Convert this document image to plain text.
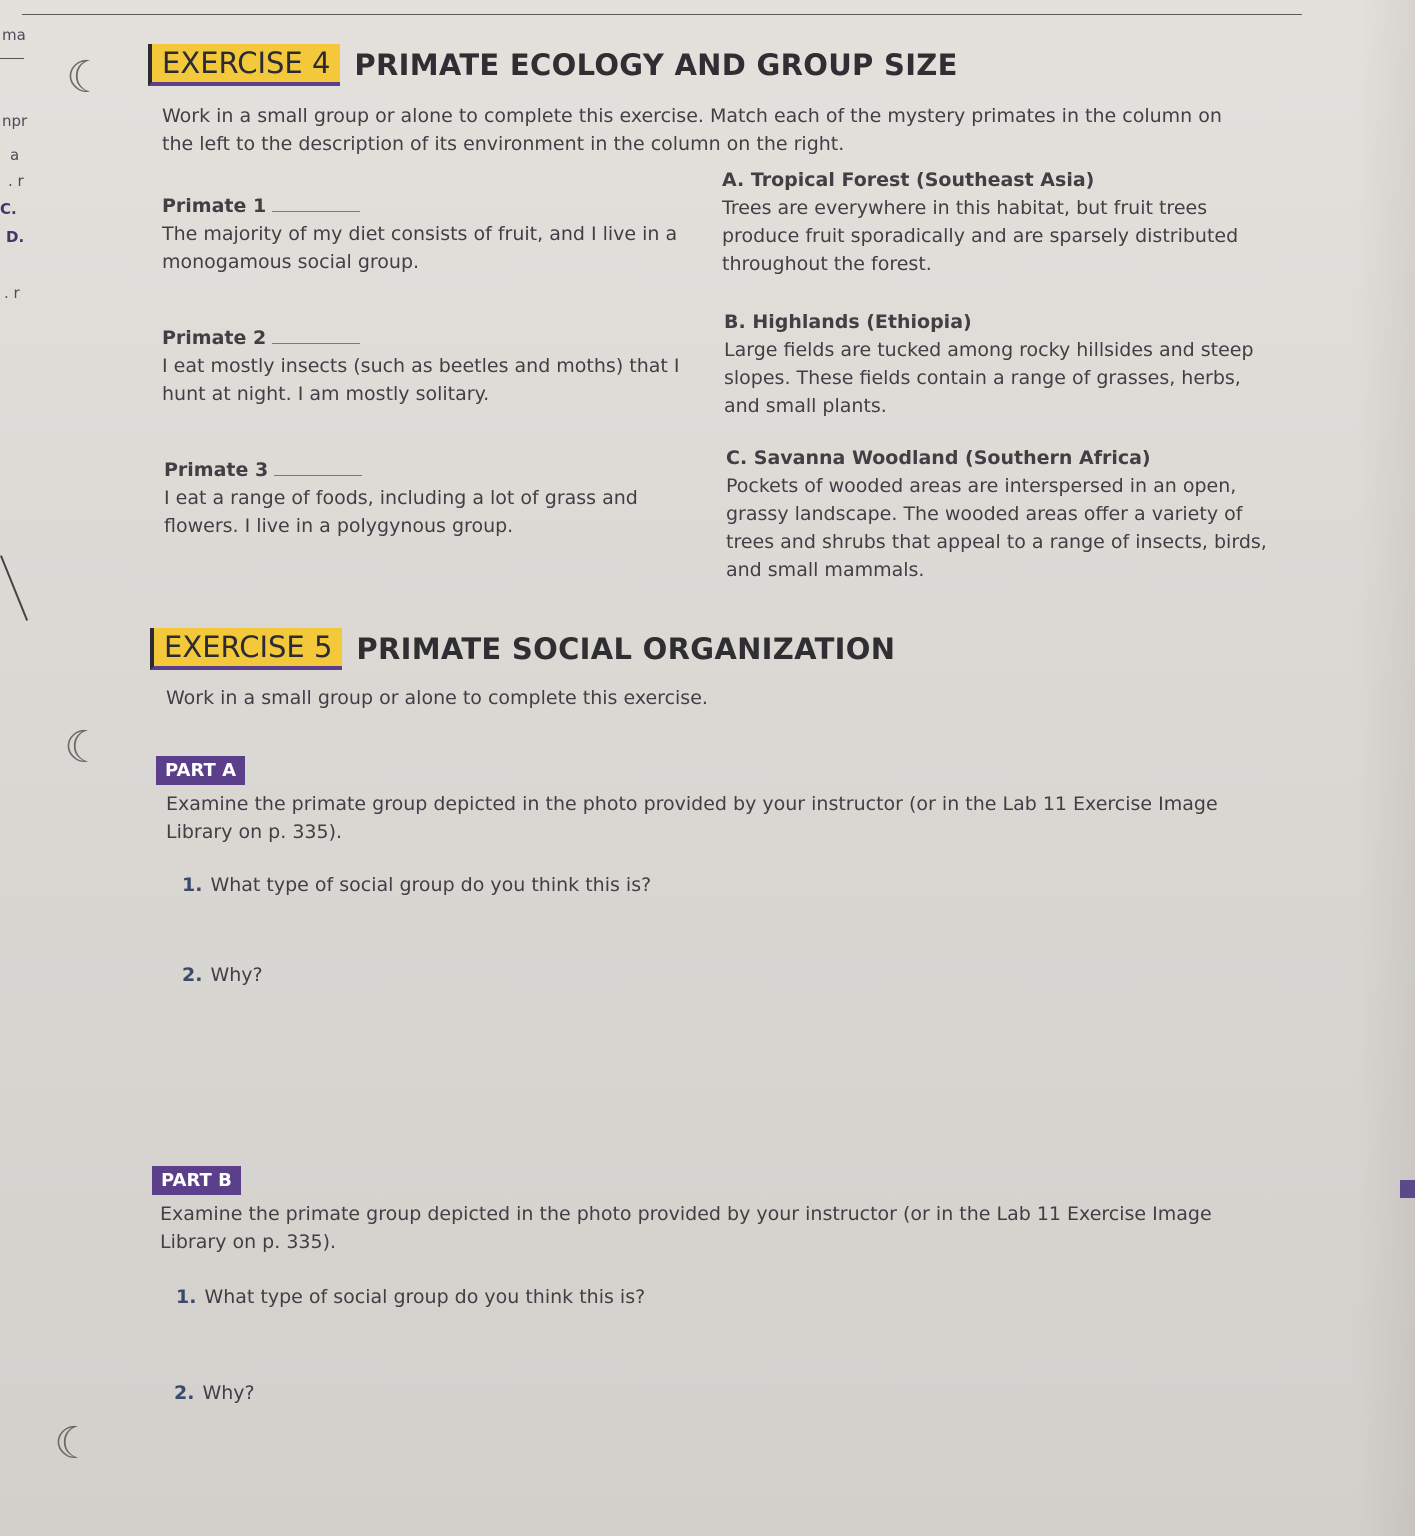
ma
npr
a
. r
C.
D.
. r
☾
☾
☾
EXERCISE 4 PRIMATE ECOLOGY AND GROUP SIZE
Work in a small group or alone to complete this exercise. Match each of the mystery primates in the column on the left to the description of its environment in the column on the right.
Primate 1
The majority of my diet consists of fruit, and I live in a monogamous social group.
Primate 2
I eat mostly insects (such as beetles and moths) that I hunt at night. I am mostly solitary.
Primate 3
I eat a range of foods, including a lot of grass and flowers. I live in a polygynous group.
A. Tropical Forest (Southeast Asia)
Trees are everywhere in this habitat, but fruit trees produce fruit sporadically and are sparsely distributed throughout the forest.
B. Highlands (Ethiopia)
Large fields are tucked among rocky hillsides and steep slopes. These fields contain a range of grasses, herbs, and small plants.
C. Savanna Woodland (Southern Africa)
Pockets of wooded areas are interspersed in an open, grassy landscape. The wooded areas offer a variety of trees and shrubs that appeal to a range of insects, birds, and small mammals.
EXERCISE 5 PRIMATE SOCIAL ORGANIZATION
Work in a small group or alone to complete this exercise.
PART A
Examine the primate group depicted in the photo provided by your instructor (or in the Lab 11 Exercise Image Library on p. 335).
1. What type of social group do you think this is?
2. Why?
PART B
Examine the primate group depicted in the photo provided by your instructor (or in the Lab 11 Exercise Image Library on p. 335).
1. What type of social group do you think this is?
2. Why?
